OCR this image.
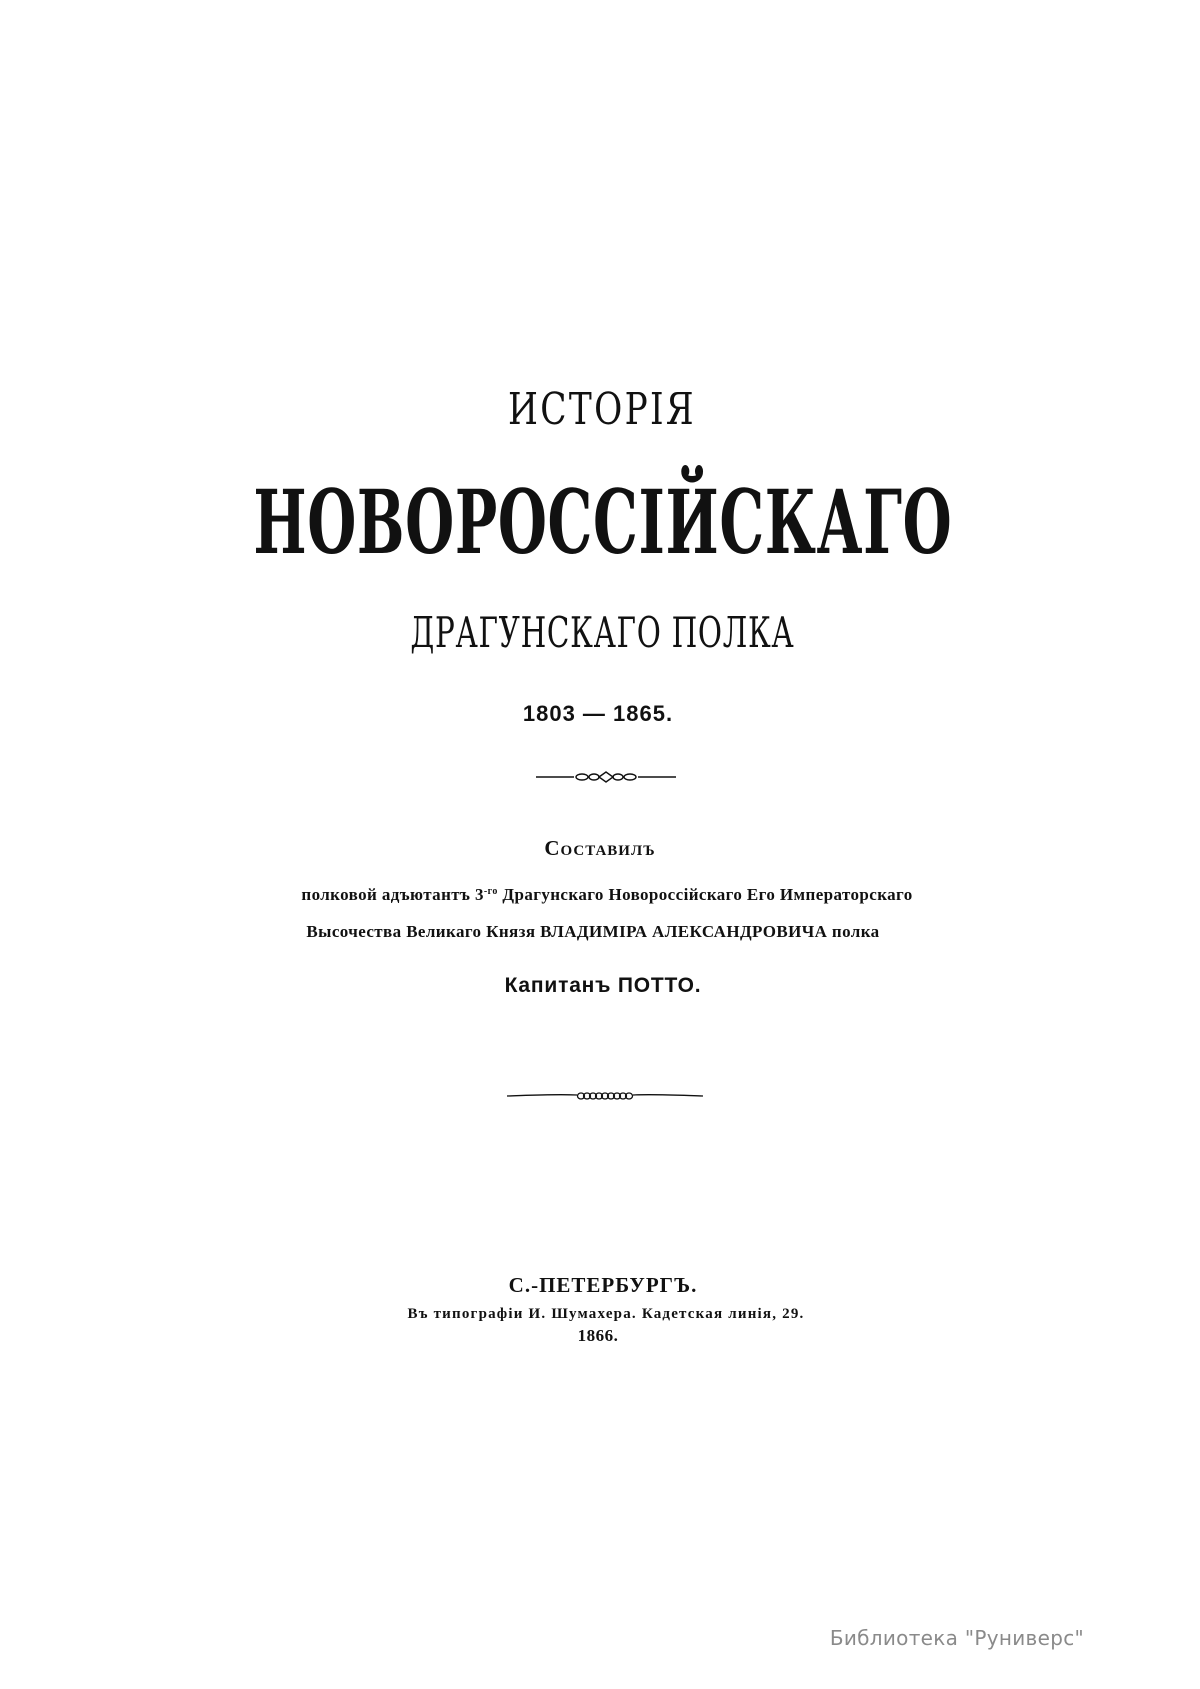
ИСТОРІЯ
НОВОРОССІЙСКАГО
ДРАГУНСКАГО ПОЛКА
1803 — 1865.
Составилъ
полковой адъютантъ $3^{-го}$ Драгунскаго Новороссійскаго Его Императорскаго
Высочества Великаго Князя ВЛАДИМІРА АЛЕКСАНДРОВИЧА полка
Капитанъ ПОТТО.
С.-ПЕТЕРБУРГЪ.
Въ типографіи И. Шумахера. Кадетская линія, 29.
1866.
Библиотека "Руниверс"
